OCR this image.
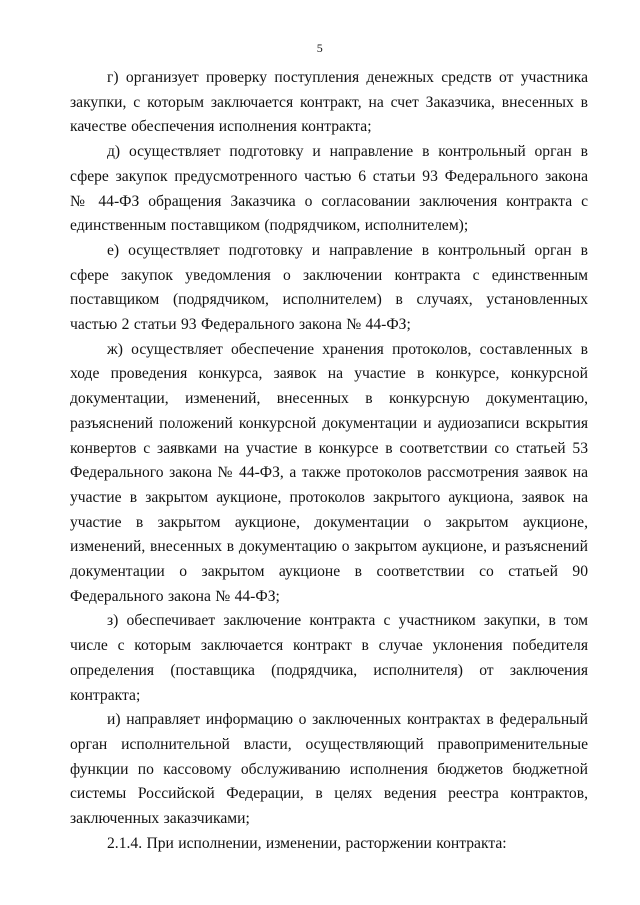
5

г) организует проверку поступления денежных средств от участника закупки, с которым заключается контракт, на счет Заказчика, внесенных в качестве обеспечения исполнения контракта;

д) осуществляет подготовку и направление в контрольный орган в сфере закупок предусмотренного частью 6 статьи 93 Федерального закона № 44-ФЗ обращения Заказчика о согласовании заключения контракта с единственным поставщиком (подрядчиком, исполнителем);

е) осуществляет подготовку и направление в контрольный орган в сфере закупок уведомления о заключении контракта с единственным поставщиком (подрядчиком, исполнителем) в случаях, установленных частью 2 статьи 93 Федерального закона № 44-ФЗ;

ж) осуществляет обеспечение хранения протоколов, составленных в ходе проведения конкурса, заявок на участие в конкурсе, конкурсной документации, изменений, внесенных в конкурсную документацию, разъяснений положений конкурсной документации и аудиозаписи вскрытия конвертов с заявками на участие в конкурсе в соответствии со статьей 53 Федерального закона № 44-ФЗ, а также протоколов рассмотрения заявок на участие в закрытом аукционе, протоколов закрытого аукциона, заявок на участие в закрытом аукционе, документации о закрытом аукционе, изменений, внесенных в документацию о закрытом аукционе, и разъяснений документации о закрытом аукционе в соответствии со статьей 90 Федерального закона № 44-ФЗ;

з) обеспечивает заключение контракта с участником закупки, в том числе с которым заключается контракт в случае уклонения победителя определения (поставщика (подрядчика, исполнителя) от заключения контракта;

и) направляет информацию о заключенных контрактах в федеральный орган исполнительной власти, осуществляющий правоприменительные функции по кассовому обслуживанию исполнения бюджетов бюджетной системы Российской Федерации, в целях ведения реестра контрактов, заключенных заказчиками;

2.1.4. При исполнении, изменении, расторжении контракта:
